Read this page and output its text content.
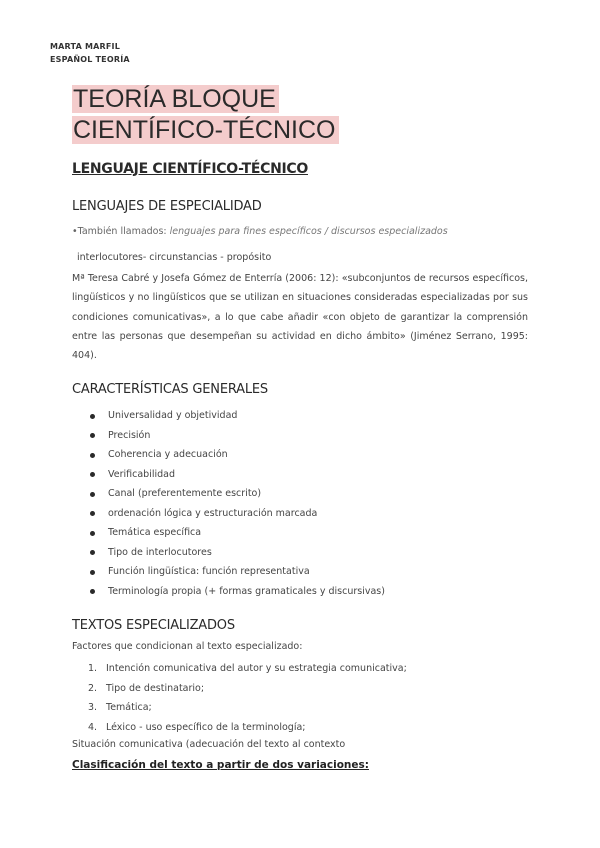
MARTA MARFIL
ESPAÑOL TEORÍA
TEORÍA BLOQUE
CIENTÍFICO-TÉCNICO
LENGUAJE CIENTÍFICO-TÉCNICO
LENGUAJES DE ESPECIALIDAD
•También llamados: lenguajes para fines específicos / discursos especializados
interlocutores- circunstancias - propósito
Mª Teresa Cabré y Josefa Gómez de Enterría (2006: 12): «subconjuntos de recursos específicos, lingüísticos y no lingüísticos que se utilizan en situaciones consideradas especializadas por sus condiciones comunicativas», a lo que cabe añadir «con objeto de garantizar la comprensión entre las personas que desempeñan su actividad en dicho ámbito» (Jiménez Serrano, 1995: 404).
CARACTERÍSTICAS GENERALES
Universalidad y objetividad
Precisión
Coherencia y adecuación
Verificabilidad
Canal (preferentemente escrito)
ordenación lógica y estructuración marcada
Temática específica
Tipo de interlocutores
Función lingüística: función representativa
Terminología propia (+ formas gramaticales y discursivas)
TEXTOS ESPECIALIZADOS
Factores que condicionan al texto especializado:
1. Intención comunicativa del autor y su estrategia comunicativa;
2. Tipo de destinatario;
3. Temática;
4. Léxico - uso específico de la terminología;
Situación comunicativa (adecuación del texto al contexto
Clasificación del texto a partir de dos variaciones:
